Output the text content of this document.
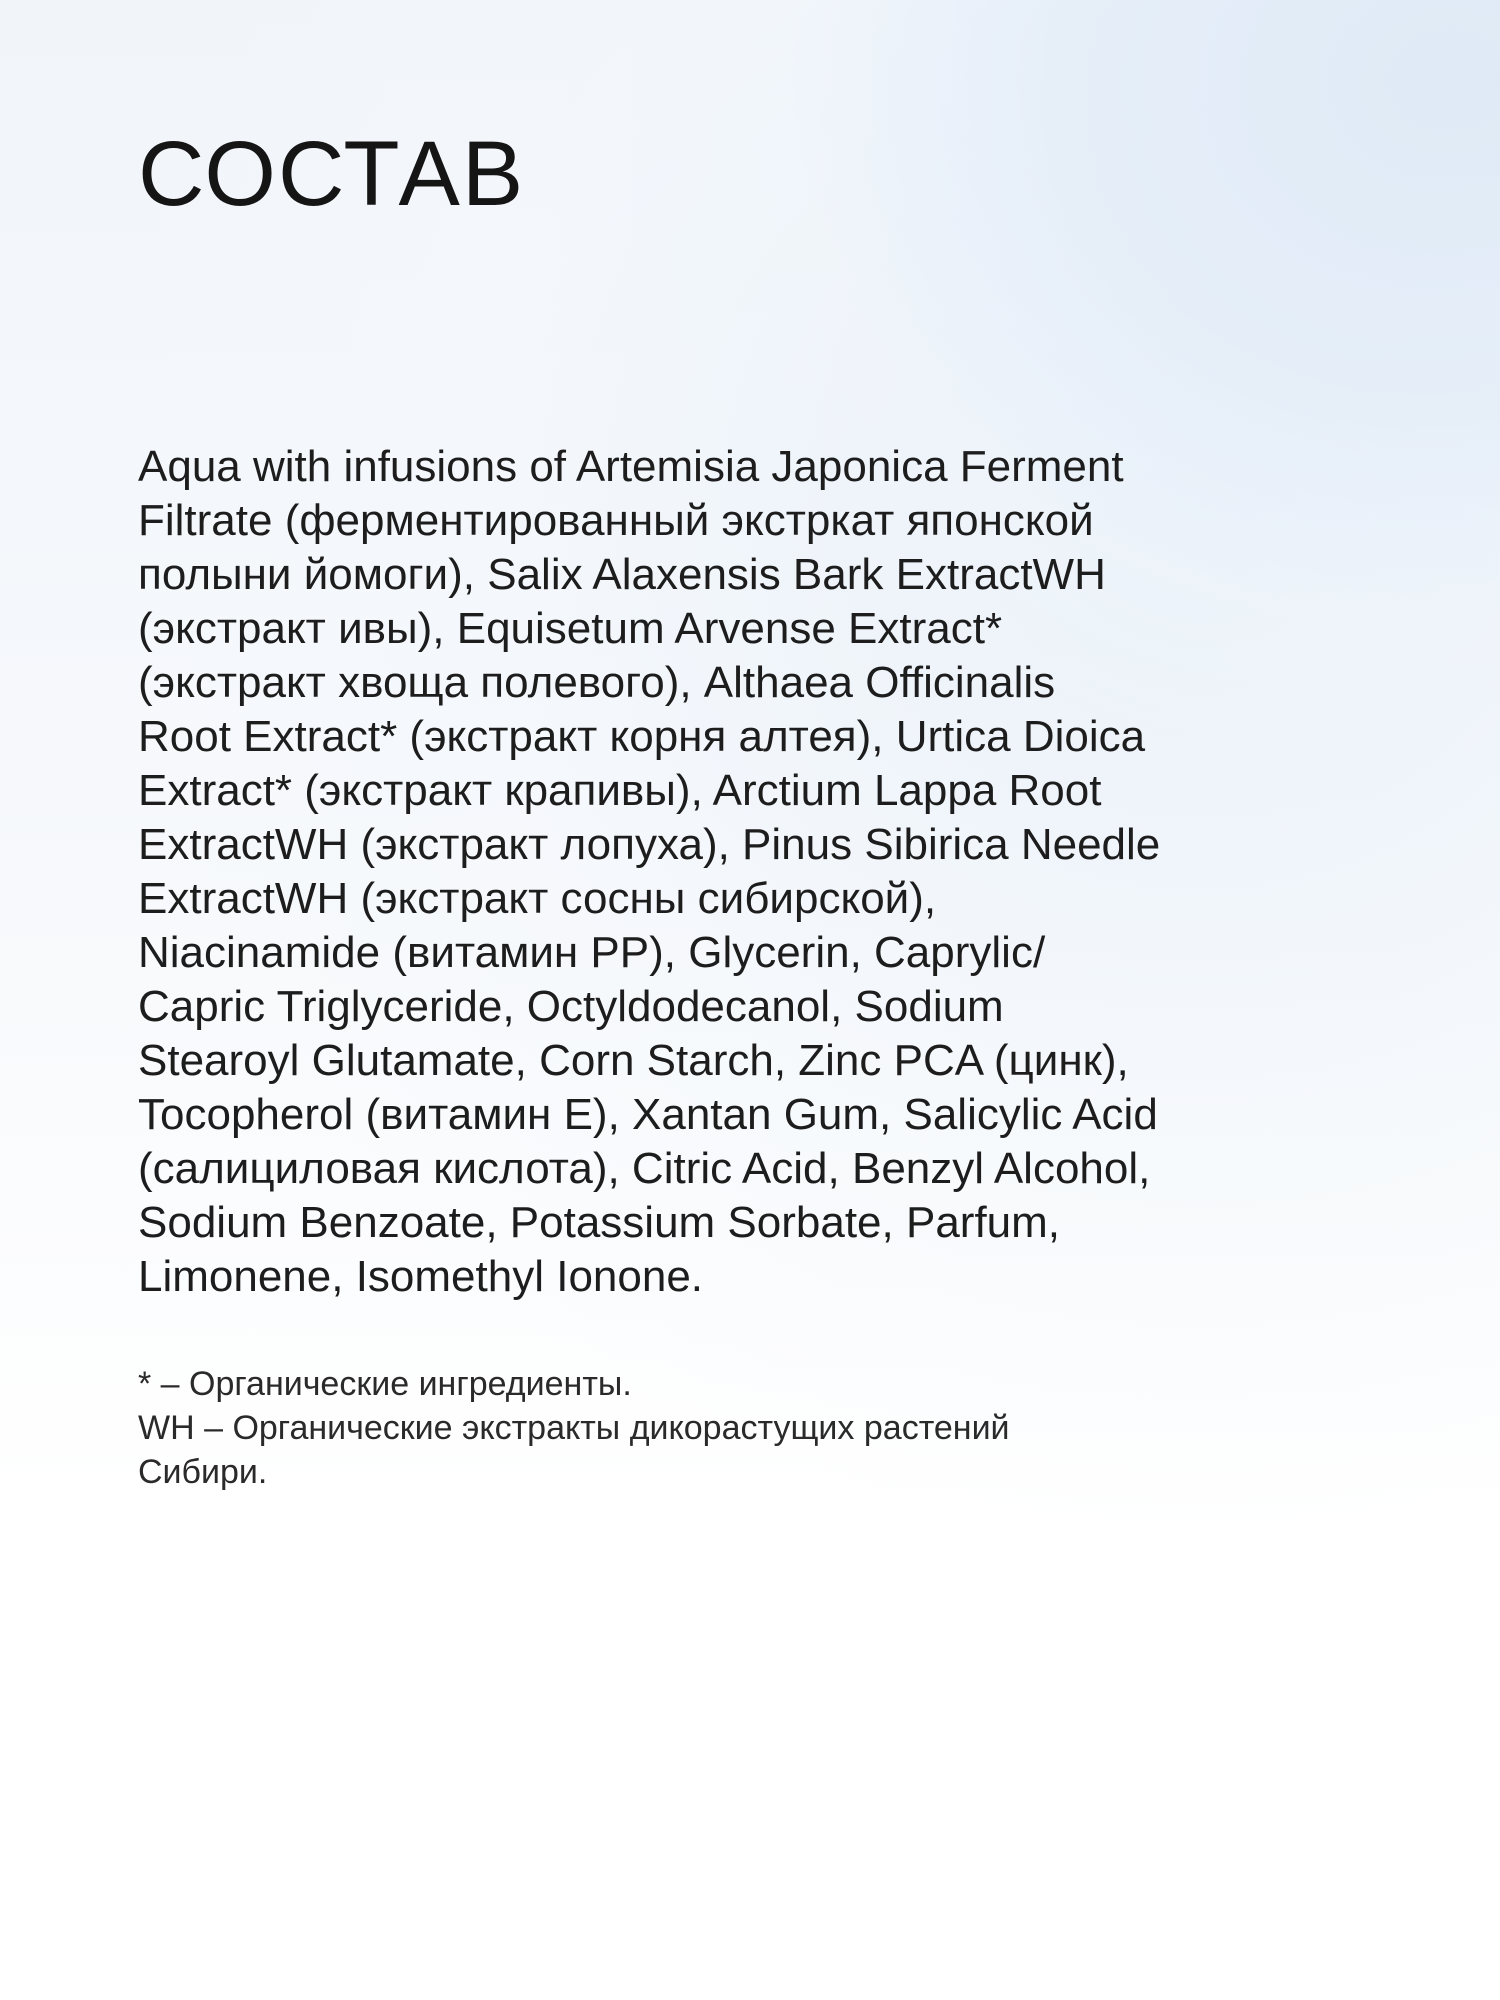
СОСТАВ

Aqua with infusions of Artemisia Japonica Ferment
Filtrate (ферментированный экстркат японской
полыни йомоги), Salix Alaxensis Bark ExtractWH
(экстракт ивы), Equisetum Arvense Extract*
(экстракт хвоща полевого), Althaea Officinalis
Root Extract* (экстракт корня алтея), Urtica Dioica
Extract* (экстракт крапивы), Arctium Lappa Root
ExtractWH (экстракт лопуха), Pinus Sibirica Needle
ExtractWH (экстракт сосны сибирской),
Niacinamide (витамин РР), Glycerin, Caprylic/
Capric Triglyceride, Octyldodecanol, Sodium
Stearoyl Glutamate, Corn Starch, Zinc PCA (цинк),
Tocopherol (витамин Е), Xantan Gum, Salicylic Acid
(салициловая кислота), Citric Acid, Benzyl Alcohol,
Sodium Benzoate, Potassium Sorbate, Parfum,
Limonene, Isomethyl Ionone.

* – Органические ингредиенты.
WH – Органические экстракты дикорастущих растений
Сибири.
